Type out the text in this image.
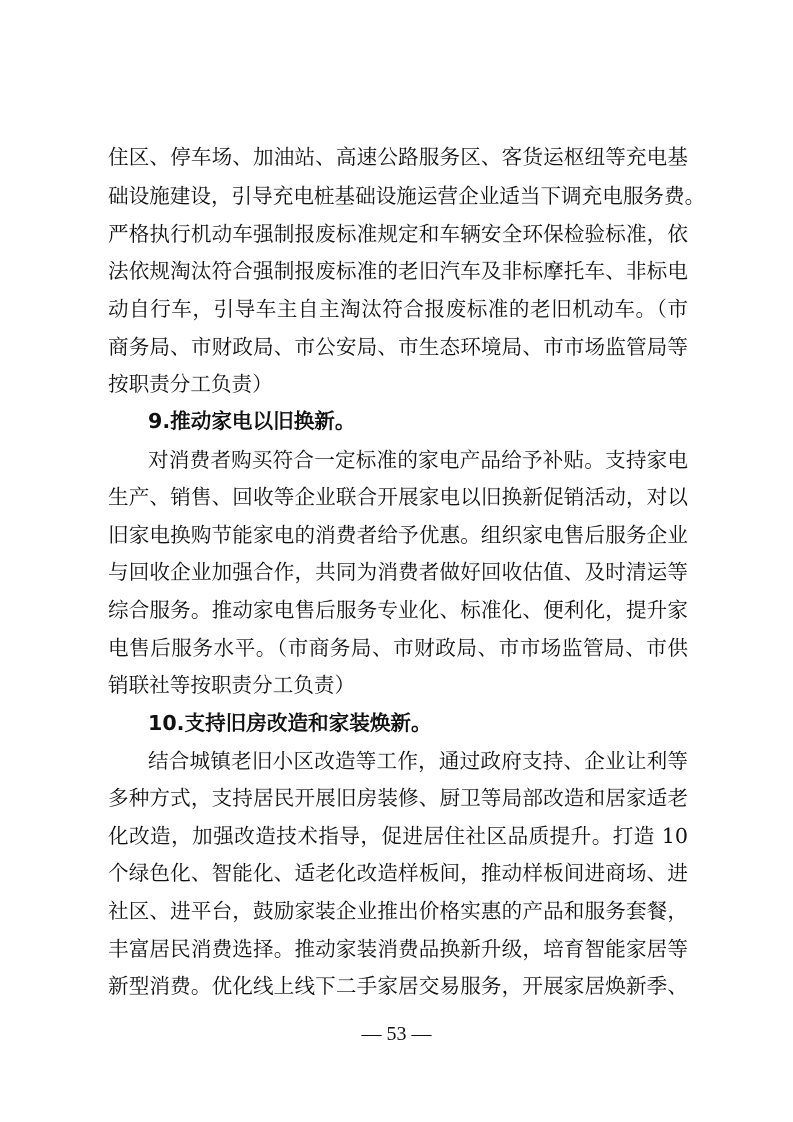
住区、停车场、加油站、高速公路服务区、客货运枢纽等充电基
础设施建设，引导充电桩基础设施运营企业适当下调充电服务费。
严格执行机动车强制报废标准规定和车辆安全环保检验标准，依
法依规淘汰符合强制报废标准的老旧汽车及非标摩托车、非标电
动自行车，引导车主自主淘汰符合报废标准的老旧机动车。（市
商务局、市财政局、市公安局、市生态环境局、市市场监管局等
按职责分工负责）
9.推动家电以旧换新。
对消费者购买符合一定标准的家电产品给予补贴。支持家电
生产、销售、回收等企业联合开展家电以旧换新促销活动，对以
旧家电换购节能家电的消费者给予优惠。组织家电售后服务企业
与回收企业加强合作，共同为消费者做好回收估值、及时清运等
综合服务。推动家电售后服务专业化、标准化、便利化，提升家
电售后服务水平。（市商务局、市财政局、市市场监管局、市供
销联社等按职责分工负责）
10.支持旧房改造和家装焕新。
结合城镇老旧小区改造等工作，通过政府支持、企业让利等
多种方式，支持居民开展旧房装修、厨卫等局部改造和居家适老
化改造，加强改造技术指导，促进居住社区品质提升。打造 10
个绿色化、智能化、适老化改造样板间，推动样板间进商场、进
社区、进平台，鼓励家装企业推出价格实惠的产品和服务套餐，
丰富居民消费选择。推动家装消费品换新升级，培育智能家居等
新型消费。优化线上线下二手家居交易服务，开展家居焕新季、
— 53 —
